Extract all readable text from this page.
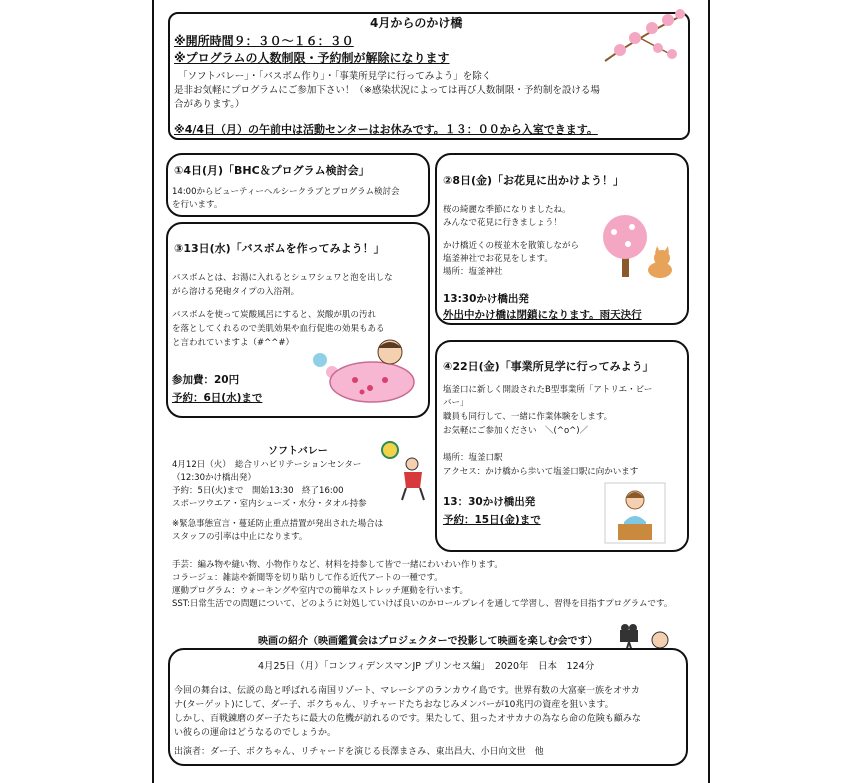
4月からのかけ橋
※開所時間９：３０～１６：３０
※プログラムの人数制限・予約制が解除になります
「ソフトバレー」・「バスボム作り」・「事業所見学に行ってみよう」を除く
是非お気軽にプログラムにご参加下さい！（※感染状況によっては再び人数制限・予約制を設ける場
合があります。）
※4/4日（月）の午前中は活動センターはお休みです。１３：００から入室できます。
①4日(月)「BHC＆プログラム検討会」
14:00からビューティーヘルシークラブとプログラム検討会
を行います。
③13日(水)「バスボムを作ってみよう！」
バスボムとは、お湯に入れるとシュワシュワと泡を出しな
がら溶ける発砲タイプの入浴剤。
バスボムを使って炭酸風呂にすると、炭酸が肌の汚れ
を落としてくれるので美肌効果や血行促進の効果もある
と言われていますよ（#^^#）
参加費：20円
予約：6日(水)まで
②8日(金)「お花見に出かけよう！」
桜の綺麗な季節になりましたね。
みんなで花見に行きましょう！
かけ橋近くの桜並木を散策しながら
塩釜神社でお花見をします。
場所：塩釜神社
13:30かけ橋出発
外出中かけ橋は閉鎖になります。雨天決行
④22日(金)「事業所見学に行ってみよう」
塩釜口に新しく開設されたB型事業所「アトリエ・ビー
バー」
職員も同行して、一緒に作業体験をします。
お気軽にご参加ください　＼(^o^)／
場所：塩釜口駅
アクセス：かけ橋から歩いて塩釜口駅に向かいます
13：30かけ橋出発
予約：15日(金)まで
ソフトバレー
4月12日（火）　総合リハビリテーションセンター
（12:30かけ橋出発）
予約：5日(火)まで　開始13:30　終了16:00
スポーツウエア・室内シューズ・水分・タオル持参
※緊急事態宣言・蔓延防止重点措置が発出された場合は
スタッフの引率は中止になります。
手芸：編み物や縫い物、小物作りなど、材料を持参して皆で一緒にわいわい作ります。
コラージュ：雑誌や新聞等を切り貼りして作る近代アートの一種です。
運動プログラム：ウォーキングや室内での簡単なストレッチ運動を行います。
SST:日常生活での問題について、どのように対処していけば良いのかロールプレイを通して学習し、習得を目指すプログラムです。
映画の紹介（映画鑑賞会はプロジェクターで投影して映画を楽しむ会です）
4月25日（月）「コンフィデンスマンJP プリンセス編」　2020年　日本　124分
今回の舞台は、伝説の島と呼ばれる南国リゾート、マレーシアのランカウイ島です。世界有数の大富豪一族をオサカ
ナ(ターゲット)にして、ダー子、ボクちゃん、リチャードたちおなじみメンバーが10兆円の資産を狙います。
しかし、百戦錬磨のダー子たちに最大の危機が訪れるのです。果たして、狙ったオサカナの為なら命の危険も顧みな
い彼らの運命はどうなるのでしょうか。
出演者：ダー子、ボクちゃん、リチャードを演じる長澤まさみ、東出昌大、小日向文世　他
